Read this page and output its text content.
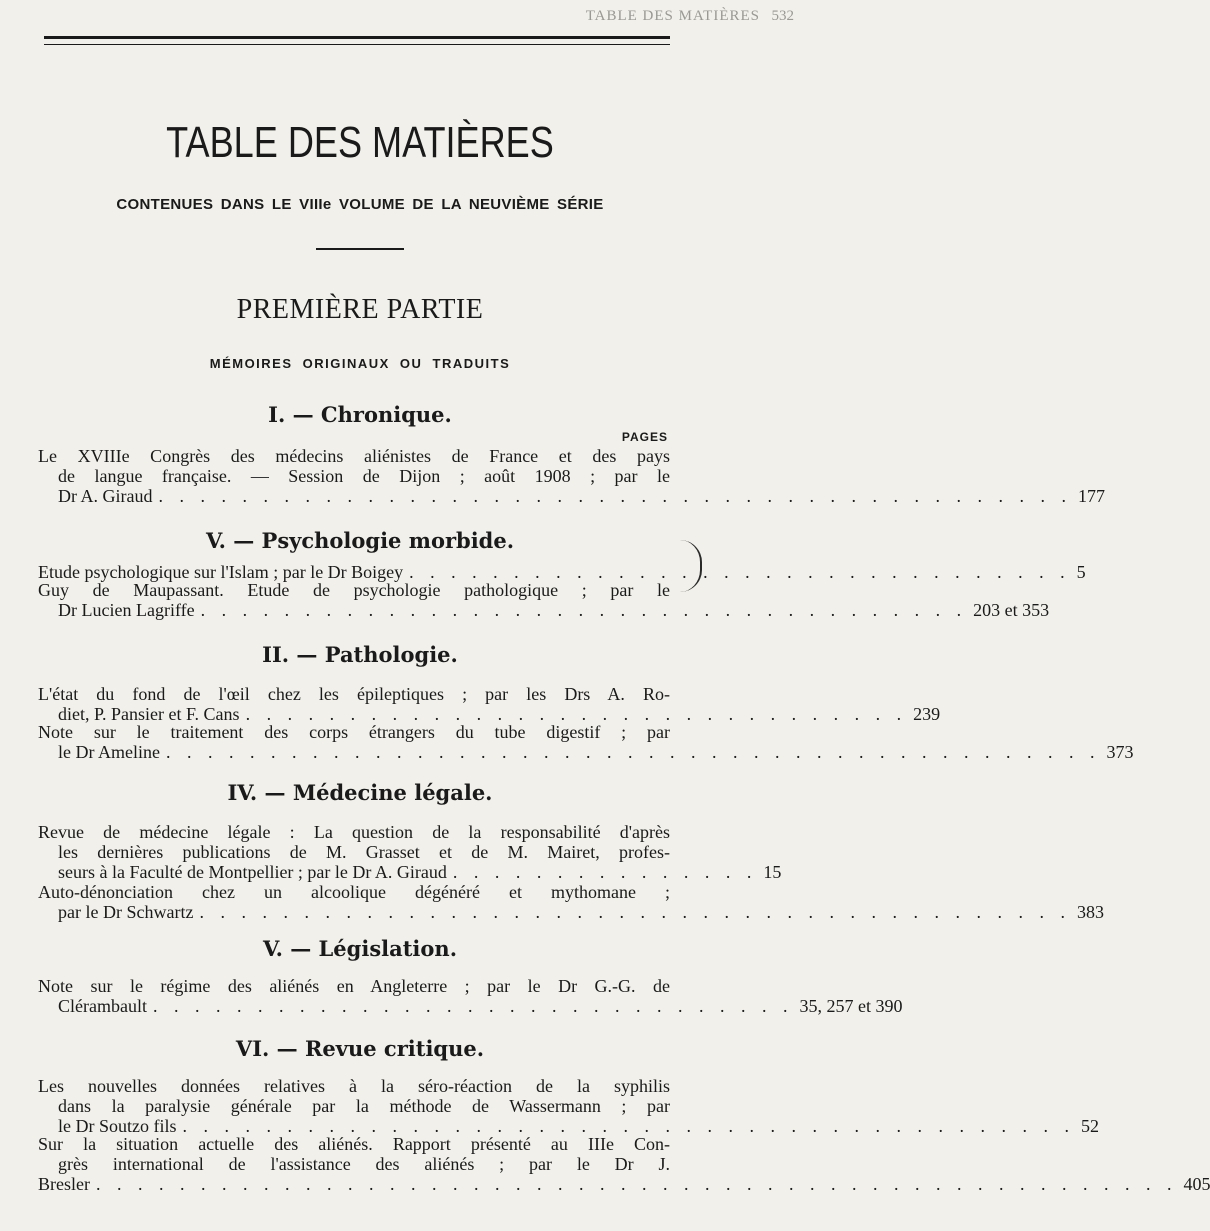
TABLE DES MATIÈRES 532
TABLE DES MATIÈRES
CONTENUES DANS LE VIIIe VOLUME DE LA NEUVIÈME SÉRIE
PREMIÈRE PARTIE
MÉMOIRES ORIGINAUX OU TRADUITS
PAGES
I. — Chronique.
Le XVIIIe Congrès des médecins aliénistes de France et des pays
de langue française. — Session de Dijon ; août 1908 ; par le
Dr A. Giraud . . . . . . . . . . . . . . . . . . . . . . . . . . . . . . . . . . . . . . . . . . . . 177
V. — Psychologie morbide.
Etude psychologique sur l'Islam ; par le Dr Boigey . . . . . . . . . . . . . . . . . . . . . . . . . . . . . . . . 5
Guy de Maupassant. Etude de psychologie pathologique ; par le
Dr Lucien Lagriffe . . . . . . . . . . . . . . . . . . . . . . . . . . . . . . . . . . . . . 203 et 353
II. — Pathologie.
L'état du fond de l'œil chez les épileptiques ; par les Drs A. Ro-
diet, P. Pansier et F. Cans . . . . . . . . . . . . . . . . . . . . . . . . . . . . . . . . 239
Note sur le traitement des corps étrangers du tube digestif ; par
le Dr Ameline . . . . . . . . . . . . . . . . . . . . . . . . . . . . . . . . . . . . . . . . . . . . . 373
IV. — Médecine légale.
Revue de médecine légale : La question de la responsabilité d'après
les dernières publications de M. Grasset et de M. Mairet, profes-
seurs à la Faculté de Montpellier ; par le Dr A. Giraud . . . . . . . . . . . . . . . 15
Auto-dénonciation chez un alcoolique dégénéré et mythomane ;
par le Dr Schwartz . . . . . . . . . . . . . . . . . . . . . . . . . . . . . . . . . . . . . . . . . . 383
V. — Législation.
Note sur le régime des aliénés en Angleterre ; par le Dr G.-G. de
Clérambault . . . . . . . . . . . . . . . . . . . . . . . . . . . . . . . 35, 257 et 390
VI. — Revue critique.
Les nouvelles données relatives à la séro-réaction de la syphilis
dans la paralysie générale par la méthode de Wassermann ; par
le Dr Soutzo fils . . . . . . . . . . . . . . . . . . . . . . . . . . . . . . . . . . . . . . . . . . . 52
Sur la situation actuelle des aliénés. Rapport présenté au IIIe Con-
grès international de l'assistance des aliénés ; par le Dr J.
Bresler . . . . . . . . . . . . . . . . . . . . . . . . . . . . . . . . . . . . . . . . . . . . . . . . . . . . 405
